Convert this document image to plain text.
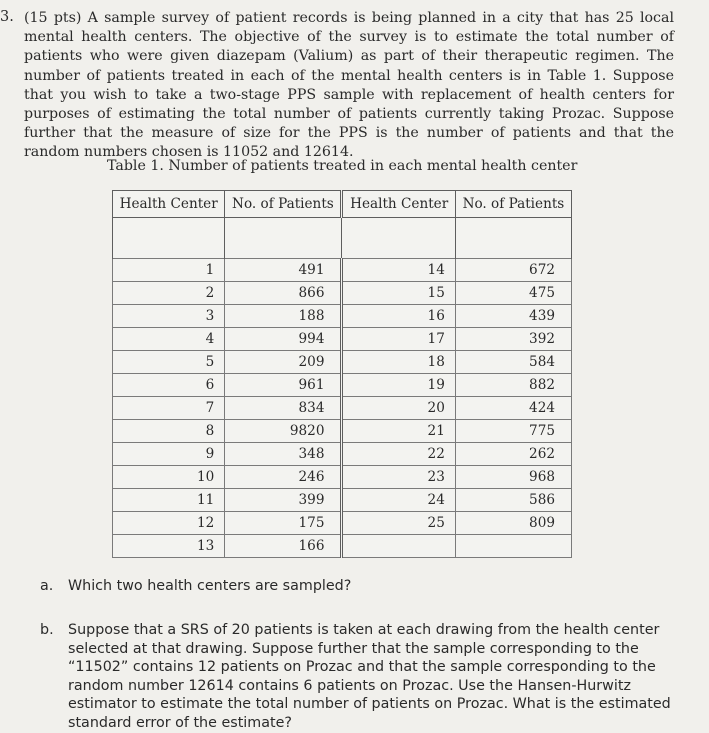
3. (15 pts) A sample survey of patient records is being planned in a city that has 25 local mental health centers. The objective of the survey is to estimate the total number of patients who were given diazepam (Valium) as part of their therapeutic regimen. The number of patients treated in each of the mental health centers is in Table 1. Suppose that you wish to take a two-stage PPS sample with replacement of health centers for purposes of estimating the total number of patients currently taking Prozac. Suppose further that the measure of size for the PPS is the number of patients and that the random numbers chosen is 11052 and 12614.

Table 1. Number of patients treated in each mental health center

Health Center	No. of Patients	Health Center	No. of Patients

1	491	14	672
2	866	15	475
3	188	16	439
4	994	17	392
5	209	18	584
6	961	19	882
7	834	20	424
8	9820	21	775
9	348	22	262
10	246	23	968
11	399	24	586
12	175	25	809
13	166		
a. Which two health centers are sampled?
b. Suppose that a SRS of 20 patients is taken at each drawing from the health center selected at that drawing. Suppose further that the sample corresponding to the “11502” contains 12 patients on Prozac and that the sample corresponding to the random number 12614 contains 6 patients on Prozac. Use the Hansen-Hurwitz estimator to estimate the total number of patients on Prozac. What is the estimated standard error of the estimate?
